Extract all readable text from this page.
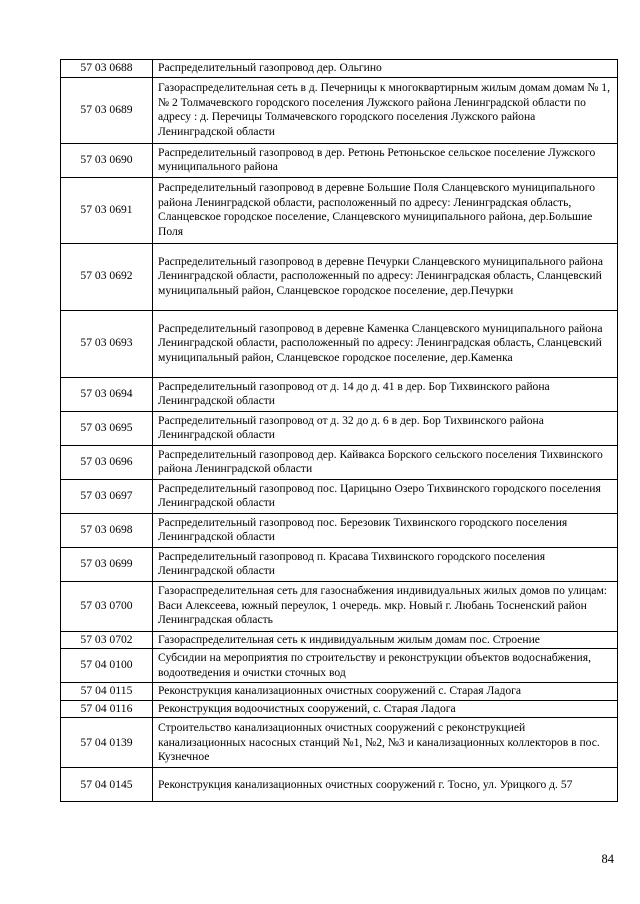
57 03 0688	Распределительный газопровод дер. Ольгино
57 03 0689	Газораспределительная сеть в д. Печерницы к многоквартирным жилым домам домам № 1, № 2 Толмачевского городского поселения Лужского района Ленинградской области по адресу : д. Перечицы Толмачевского городского поселения Лужского района Ленинградской области
57 03 0690	Распределительный газопровод в дер. Ретюнь Ретюньское сельское поселение Лужского муниципального района
57 03 0691	Распределительный газопровод в деревне Большие Поля Сланцевского муниципального района Ленинградской области, расположенный по адресу: Ленинградская область, Сланцевское городское поселение, Сланцевского муниципального района, дер.Большие Поля
57 03 0692	Распределительный газопровод в деревне Печурки Сланцевского муниципального района Ленинградской области, расположенный по адресу: Ленинградская область, Сланцевский муниципальный район, Сланцевское городское поселение, дер.Печурки
57 03 0693	Распределительный газопровод в деревне Каменка Сланцевского муниципального района Ленинградской области, расположенный по адресу: Ленинградская область, Сланцевский муниципальный район, Сланцевское городское поселение, дер.Каменка
57 03 0694	Распределительный газопровод от д. 14 до д. 41 в дер. Бор Тихвинского района Ленинградской области
57 03 0695	Распределительный газопровод от д. 32 до д. 6 в дер. Бор Тихвинского района Ленинградской области
57 03 0696	Распределительный газопровод дер. Кайвакса Борского сельского поселения Тихвинского района Ленинградской области
57 03 0697	Распределительный газопровод пос. Царицыно Озеро Тихвинского городского поселения Ленинградской области
57 03 0698	Распределительный газопровод пос. Березовик Тихвинского городского поселения Ленинградской области
57 03 0699	Распределительный газопровод п. Красава Тихвинского городского поселения Ленинградской области
57 03 0700	Газораспределительная сеть для газоснабжения индивидуальных жилых домов по улицам: Васи Алексеева, южный переулок, 1 очередь. мкр. Новый г. Любань Тосненский район Ленинградская область
57 03 0702	Газораспределительная сеть к индивидуальным жилым домам пос. Строение
57 04 0100	Субсидии на мероприятия по строительству и реконструкции объектов водоснабжения, водоотведения и очистки сточных вод
57 04 0115	Реконструкция канализационных очистных сооружений с. Старая Ладога
57 04 0116	Реконструкция водоочистных сооружений, с. Старая Ладога
57 04 0139	Строительство канализационных очистных сооружений с реконструкцией канализационных насосных станций №1, №2, №3 и канализационных коллекторов в пос. Кузнечное
57 04 0145	Реконструкция канализационных очистных сооружений г. Тосно, ул. Урицкого д. 57
84
